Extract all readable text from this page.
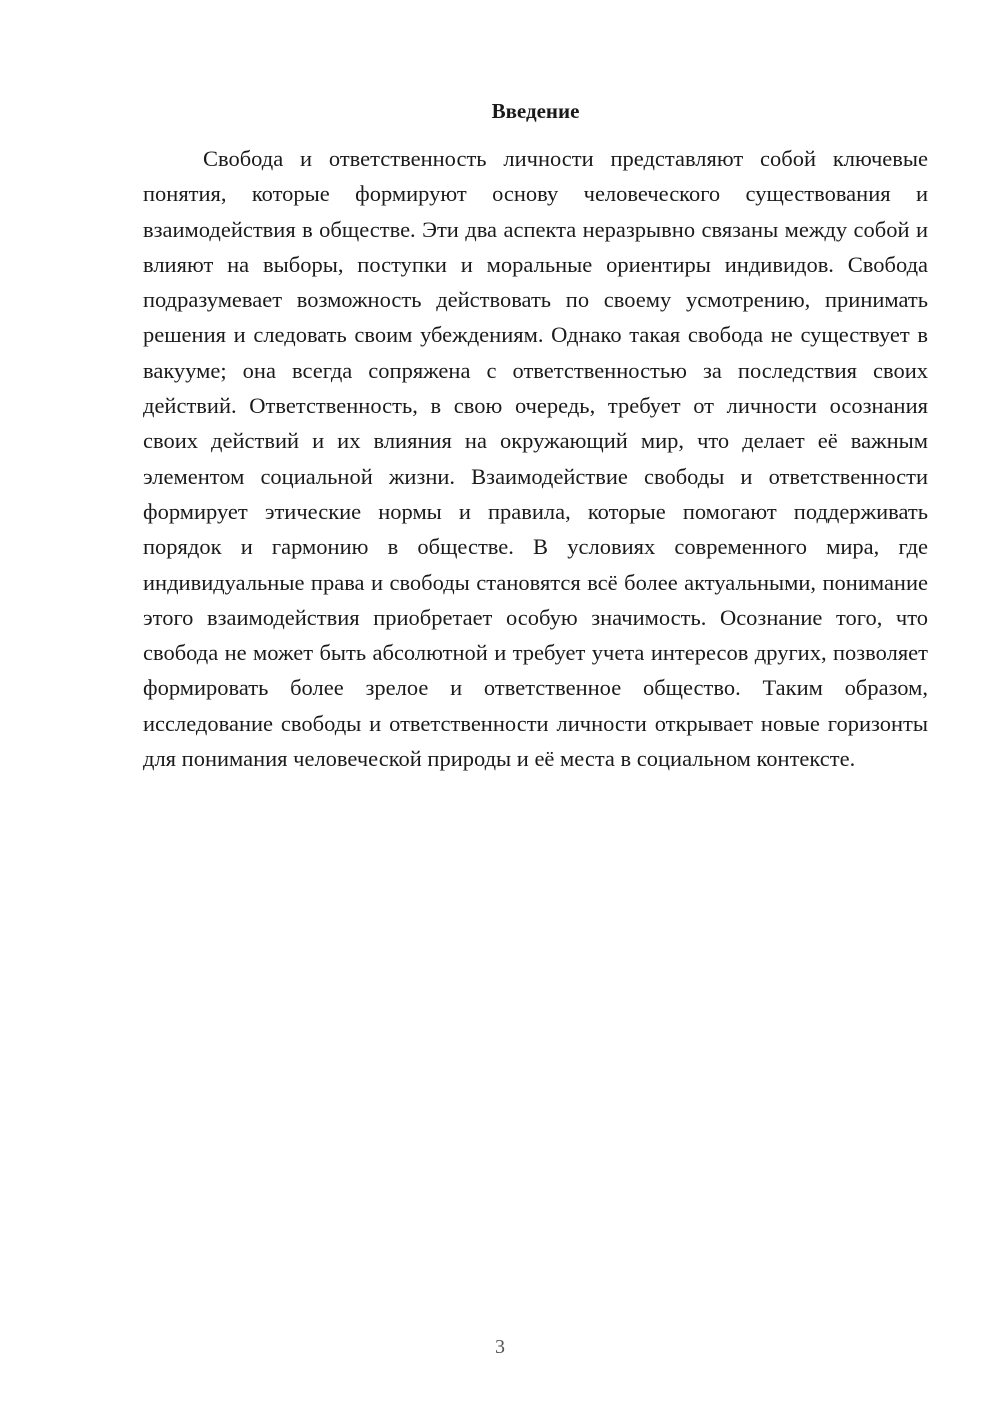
Введение

Свобода и ответственность личности представляют собой ключевые понятия, которые формируют основу человеческого существования и взаимодействия в обществе. Эти два аспекта неразрывно связаны между собой и влияют на выборы, поступки и моральные ориентиры индивидов. Свобода подразумевает возможность действовать по своему усмотрению, принимать решения и следовать своим убеждениям. Однако такая свобода не существует в вакууме; она всегда сопряжена с ответственностью за последствия своих действий. Ответственность, в свою очередь, требует от личности осознания своих действий и их влияния на окружающий мир, что делает её важным элементом социальной жизни. Взаимодействие свободы и ответственности формирует этические нормы и правила, которые помогают поддерживать порядок и гармонию в обществе. В условиях современного мира, где индивидуальные права и свободы становятся всё более актуальными, понимание этого взаимодействия приобретает особую значимость. Осознание того, что свобода не может быть абсолютной и требует учета интересов других, позволяет формировать более зрелое и ответственное общество. Таким образом, исследование свободы и ответственности личности открывает новые горизонты для понимания человеческой природы и её места в социальном контексте.

3
